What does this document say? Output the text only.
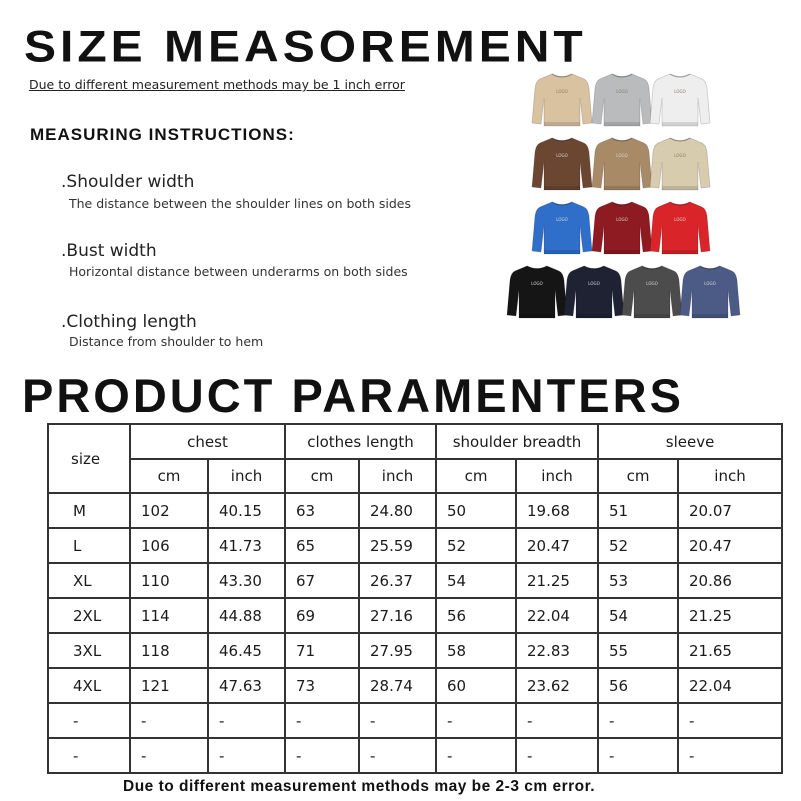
SIZE MEASOREMENT
Due to different measurement methods may be 1 inch error
MEASURING INSTRUCTIONS:
.Shoulder width
The distance between the shoulder lines on both sides
.Bust width
Horizontal distance between underarms on both sides
.Clothing length
Distance from shoulder to hem
LOGO	LOGO	LOGO
LOGO	LOGO	LOGO
LOGO	LOGO	LOGO
LOGO	LOGO	LOGO	LOGO
PRODUCT PARAMENTERS
size	chest		clothes length		shoulder breadth		sleeve	
	cm	inch	cm	inch	cm	inch	cm	inch
M	102	40.15	63	24.80	50	19.68	51	20.07
L	106	41.73	65	25.59	52	20.47	52	20.47
XL	110	43.30	67	26.37	54	21.25	53	20.86
2XL	114	44.88	69	27.16	56	22.04	54	21.25
3XL	118	46.45	71	27.95	58	22.83	55	21.65
4XL	121	47.63	73	28.74	60	23.62	56	22.04
-	-	-	-	-	-	-	-	-
-	-	-	-	-	-	-	-	-
Due to different measurement methods may be 2-3 cm error.
